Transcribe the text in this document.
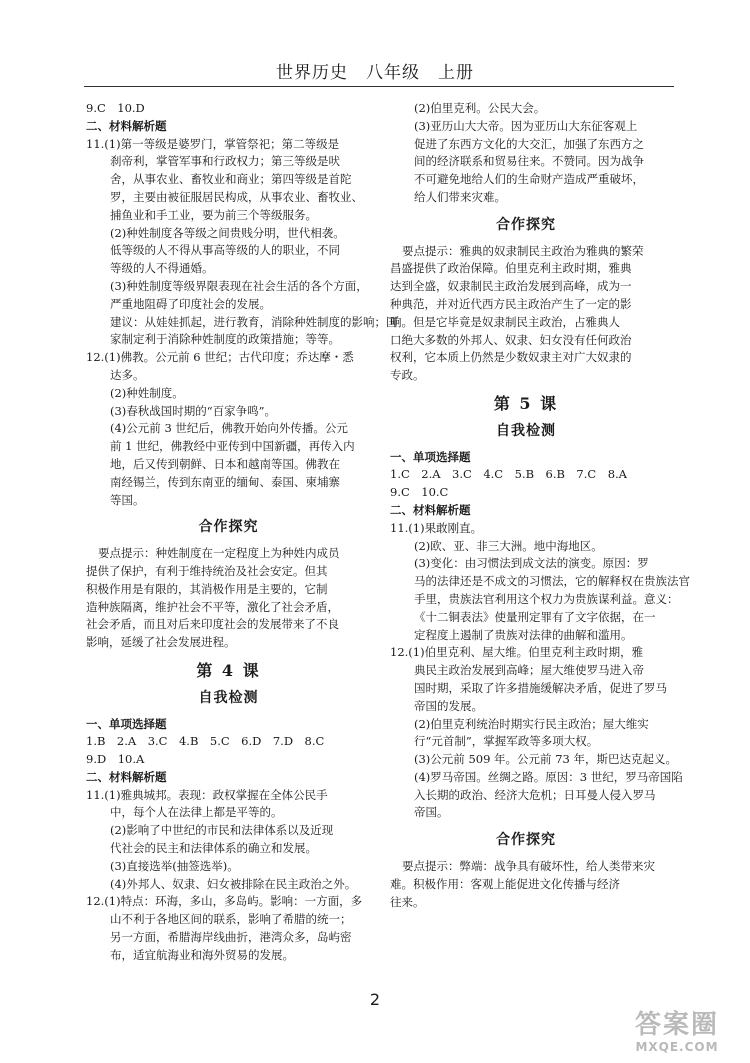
世界历史　八年级　上册
9.C　10.D
二、材料解析题
11.(1)第一等级是婆罗门，掌管祭祀；第二等级是
刹帝利，掌管军事和行政权力；第三等级是吠
舍，从事农业、畜牧业和商业；第四等级是首陀
罗，主要由被征服居民构成，从事农业、畜牧业、
捕鱼业和手工业，要为前三个等级服务。
(2)种姓制度各等级之间贵贱分明，世代相袭。
低等级的人不得从事高等级的人的职业，不同
等级的人不得通婚。
(3)种姓制度等级界限表现在社会生活的各个方面，
严重地阻碍了印度社会的发展。
建议：从娃娃抓起，进行教育，消除种姓制度的影响；国
家制定利于消除种姓制度的政策措施；等等。
12.(1)佛教。公元前 6 世纪；古代印度；乔达摩・悉
达多。
(2)种姓制度。
(3)春秋战国时期的“百家争鸣”。
(4)公元前 3 世纪后，佛教开始向外传播。公元
前 1 世纪，佛教经中亚传到中国新疆，再传入内
地，后又传到朝鲜、日本和越南等国。佛教在
南经锡兰，传到东南亚的缅甸、泰国、柬埔寨
等国。
合作探究
要点提示：种姓制度在一定程度上为种姓内成员
提供了保护，有利于维持统治及社会安定。但其
积极作用是有限的，其消极作用是主要的，它制
造种族隔离，维护社会不平等，激化了社会矛盾，
社会矛盾，而且对后来印度社会的发展带来了不良
影响，延缓了社会发展进程。
第 4 课
自我检测
一、单项选择题
1.B　2.A　3.C　4.B　5.C　6.D　7.D　8.C
9.D　10.A
二、材料解析题
11.(1)雅典城邦。表现：政权掌握在全体公民手
中，每个人在法律上都是平等的。
(2)影响了中世纪的市民和法律体系以及近现
代社会的民主和法律体系的确立和发展。
(3)直接选举(抽签选举)。
(4)外邦人、奴隶、妇女被排除在民主政治之外。
12.(1)特点：环海，多山，多岛屿。影响：一方面，多
山不利于各地区间的联系，影响了希腊的统一；
另一方面，希腊海岸线曲折，港湾众多，岛屿密
布，适宜航海业和海外贸易的发展。
(2)伯里克利。公民大会。
(3)亚历山大大帝。因为亚历山大东征客观上
促进了东西方文化的大交汇，加强了东西方之
间的经济联系和贸易往来。不赞同。因为战争
不可避免地给人们的生命财产造成严重破坏，
给人们带来灾难。
合作探究
要点提示：雅典的奴隶制民主政治为雅典的繁荣
昌盛提供了政治保障。伯里克利主政时期，雅典
达到全盛，奴隶制民主政治发展到高峰，成为一
种典范，并对近代西方民主政治产生了一定的影
响。但是它毕竟是奴隶制民主政治，占雅典人
口绝大多数的外邦人、奴隶、妇女没有任何政治
权利，它本质上仍然是少数奴隶主对广大奴隶的
专政。
第 5 课
自我检测
一、单项选择题
1.C　2.A　3.C　4.C　5.B　6.B　7.C　8.A
9.C　10.C
二、材料解析题
11.(1)果敢刚直。
(2)欧、亚、非三大洲。地中海地区。
(3)变化：由习惯法到成文法的演变。原因：罗
马的法律还是不成文的习惯法，它的解释权在贵族法官
手里，贵族法官利用这个权力为贵族谋利益。意义：
《十二铜表法》使量刑定罪有了文字依据，在一
定程度上遏制了贵族对法律的曲解和滥用。
12.(1)伯里克利、屋大维。伯里克利主政时期，雅
典民主政治发展到高峰；屋大维使罗马进入帝
国时期，采取了许多措施缓解决矛盾，促进了罗马
帝国的发展。
(2)伯里克利统治时期实行民主政治；屋大维实
行“元首制”，掌握军政等多项大权。
(3)公元前 509 年。公元前 73 年，斯巴达克起义。
(4)罗马帝国。丝绸之路。原因：3 世纪，罗马帝国陷
入长期的政治、经济大危机；日耳曼人侵入罗马
帝国。
合作探究
要点提示：弊端：战争具有破坏性，给人类带来灾
难。积极作用：客观上能促进文化传播与经济
往来。
2
答案圈
MXQE.COM
